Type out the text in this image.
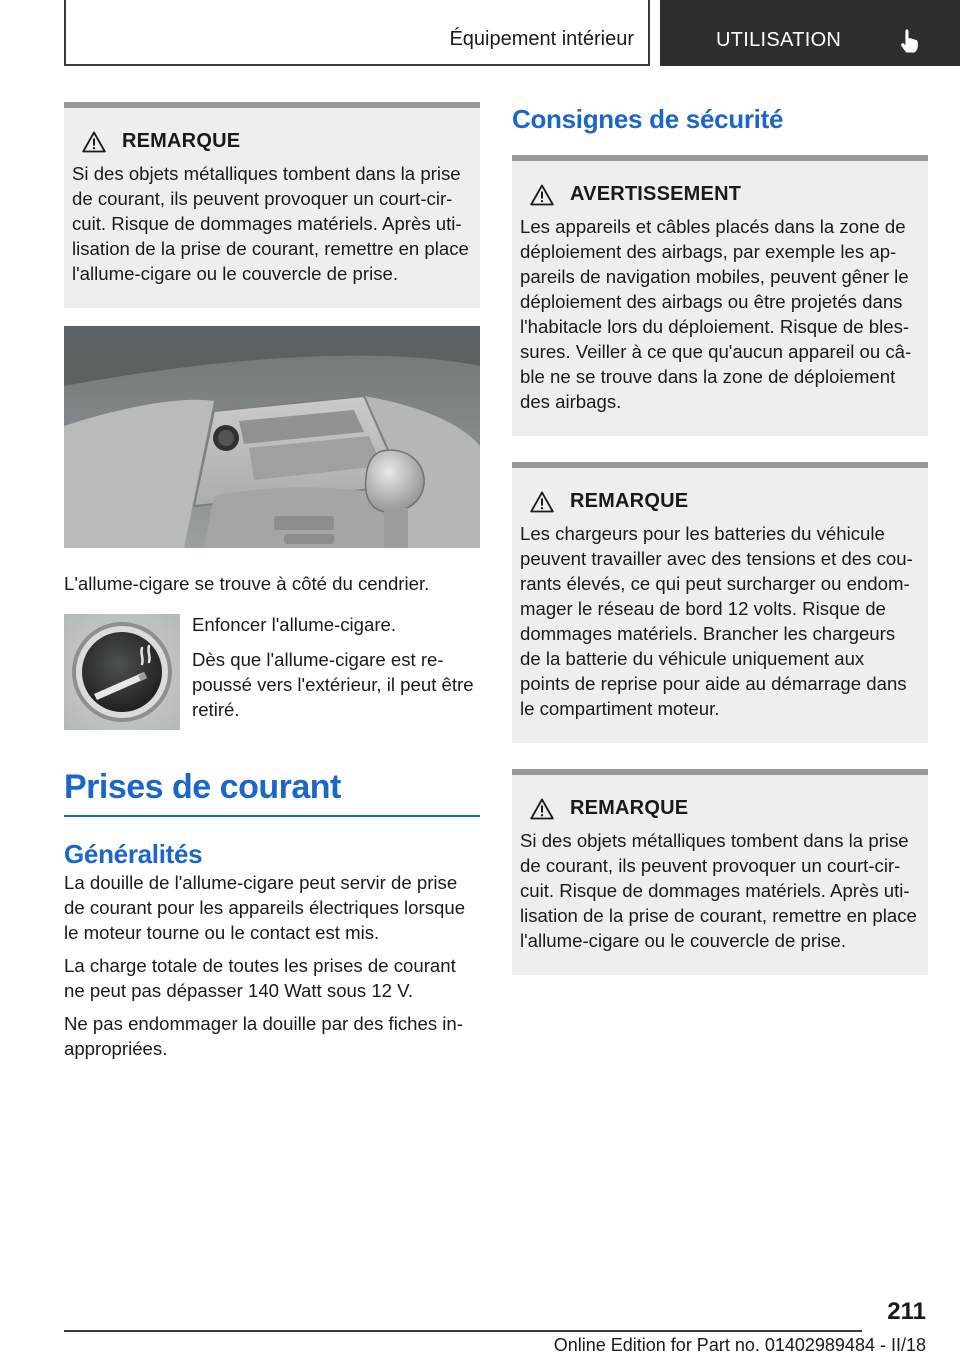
Équipement intérieur	UTILISATION
REMARQUE

Si des objets métalliques tombent dans la prise de courant, ils peuvent provoquer un court-cir-cuit. Risque de dommages matériels. Après uti-lisation de la prise de courant, remettre en place l'allume-cigare ou le couvercle de prise.

L'allume-cigare se trouve à côté du cendrier.

Enfoncer l'allume-cigare.

Dès que l'allume-cigare est re-poussé vers l'extérieur, il peut être retiré.

Prises de courant
Généralités

La douille de l'allume-cigare peut servir de prise de courant pour les appareils électriques lorsque le moteur tourne ou le contact est mis.

La charge totale de toutes les prises de courant ne peut pas dépasser 140 Watt sous 12 V.

Ne pas endommager la douille par des fiches in-appropriées.

Consignes de sécurité
AVERTISSEMENT

Les appareils et câbles placés dans la zone de déploiement des airbags, par exemple les ap-pareils de navigation mobiles, peuvent gêner le déploiement des airbags ou être projetés dans l'habitacle lors du déploiement. Risque de bles-sures. Veiller à ce que qu'aucun appareil ou câ-ble ne se trouve dans la zone de déploiement des airbags.

REMARQUE

Les chargeurs pour les batteries du véhicule peuvent travailler avec des tensions et des cou-rants élevés, ce qui peut surcharger ou endom-mager le réseau de bord 12 volts. Risque de dommages matériels. Brancher les chargeurs de la batterie du véhicule uniquement aux points de reprise pour aide au démarrage dans le compartiment moteur.

REMARQUE

Si des objets métalliques tombent dans la prise de courant, ils peuvent provoquer un court-cir-cuit. Risque de dommages matériels. Après uti-lisation de la prise de courant, remettre en place l'allume-cigare ou le couvercle de prise.

211
Online Edition for Part no. 01402989484 - II/18
